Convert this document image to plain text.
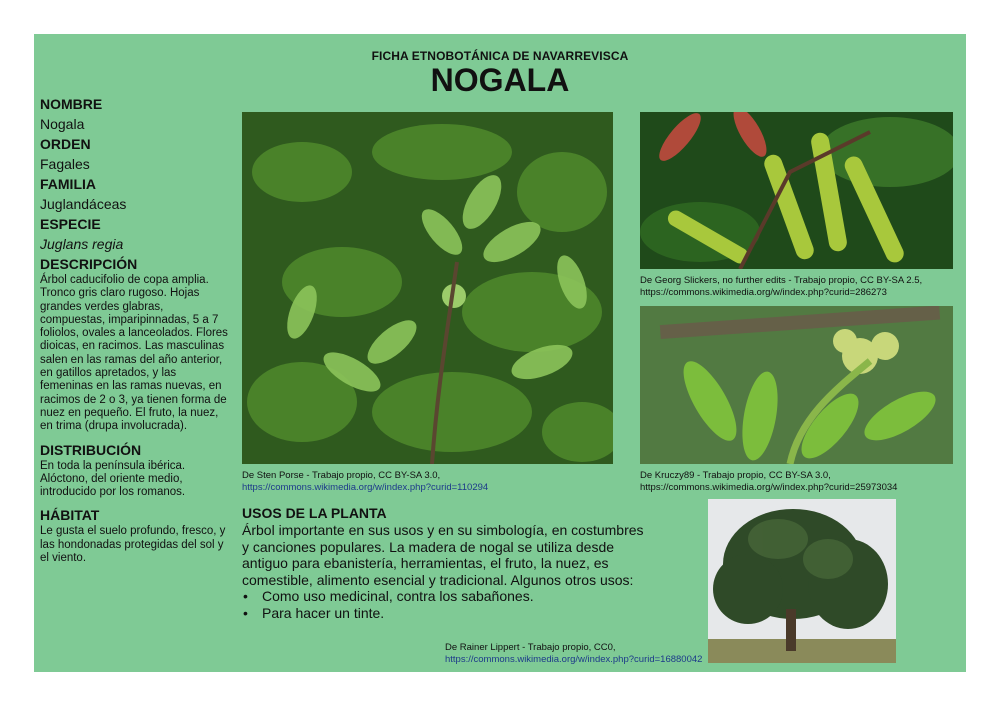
FICHA ETNOBOTÁNICA DE NAVARREVISCA
NOGALA
NOMBRE
Nogala
ORDEN
Fagales
FAMILIA
Juglandáceas
ESPECIE
Juglans regia
DESCRIPCIÓN
Árbol caducifolio de copa amplia. Tronco gris claro rugoso. Hojas grandes verdes glabras, compuestas, imparipinnadas, 5 a 7 foliolos, ovales a lanceolados. Flores dioicas, en racimos. Las masculinas salen en las ramas del año anterior, en gatillos apretados, y las femeninas en las ramas nuevas, en racimos de 2 o 3, ya tienen forma de nuez en pequeño. El fruto, la nuez, en trima (drupa involucrada).
DISTRIBUCIÓN
En toda la península ibérica. Alóctono, del oriente medio, introducido por los romanos.
HÁBITAT
Le gusta el suelo profundo, fresco, y las hondonadas protegidas del sol y el viento.
De Sten Porse - Trabajo propio, CC BY-SA 3.0,
https://commons.wikimedia.org/w/index.php?curid=110294
De Georg Slickers, no further edits - Trabajo propio, CC BY-SA 2.5,
https://commons.wikimedia.org/w/index.php?curid=286273
De Kruczy89 - Trabajo propio, CC BY-SA 3.0,
https://commons.wikimedia.org/w/index.php?curid=25973034
De Rainer Lippert - Trabajo propio, CC0,
https://commons.wikimedia.org/w/index.php?curid=16880042
USOS DE LA PLANTA
Árbol importante en sus usos y en su simbología, en costumbres y canciones populares. La madera de nogal se utiliza desde antiguo para ebanistería, herramientas, el fruto, la nuez, es comestible, alimento esencial y tradicional. Algunos otros usos:
• Como uso medicinal, contra los sabañones.
• Para hacer un tinte.
